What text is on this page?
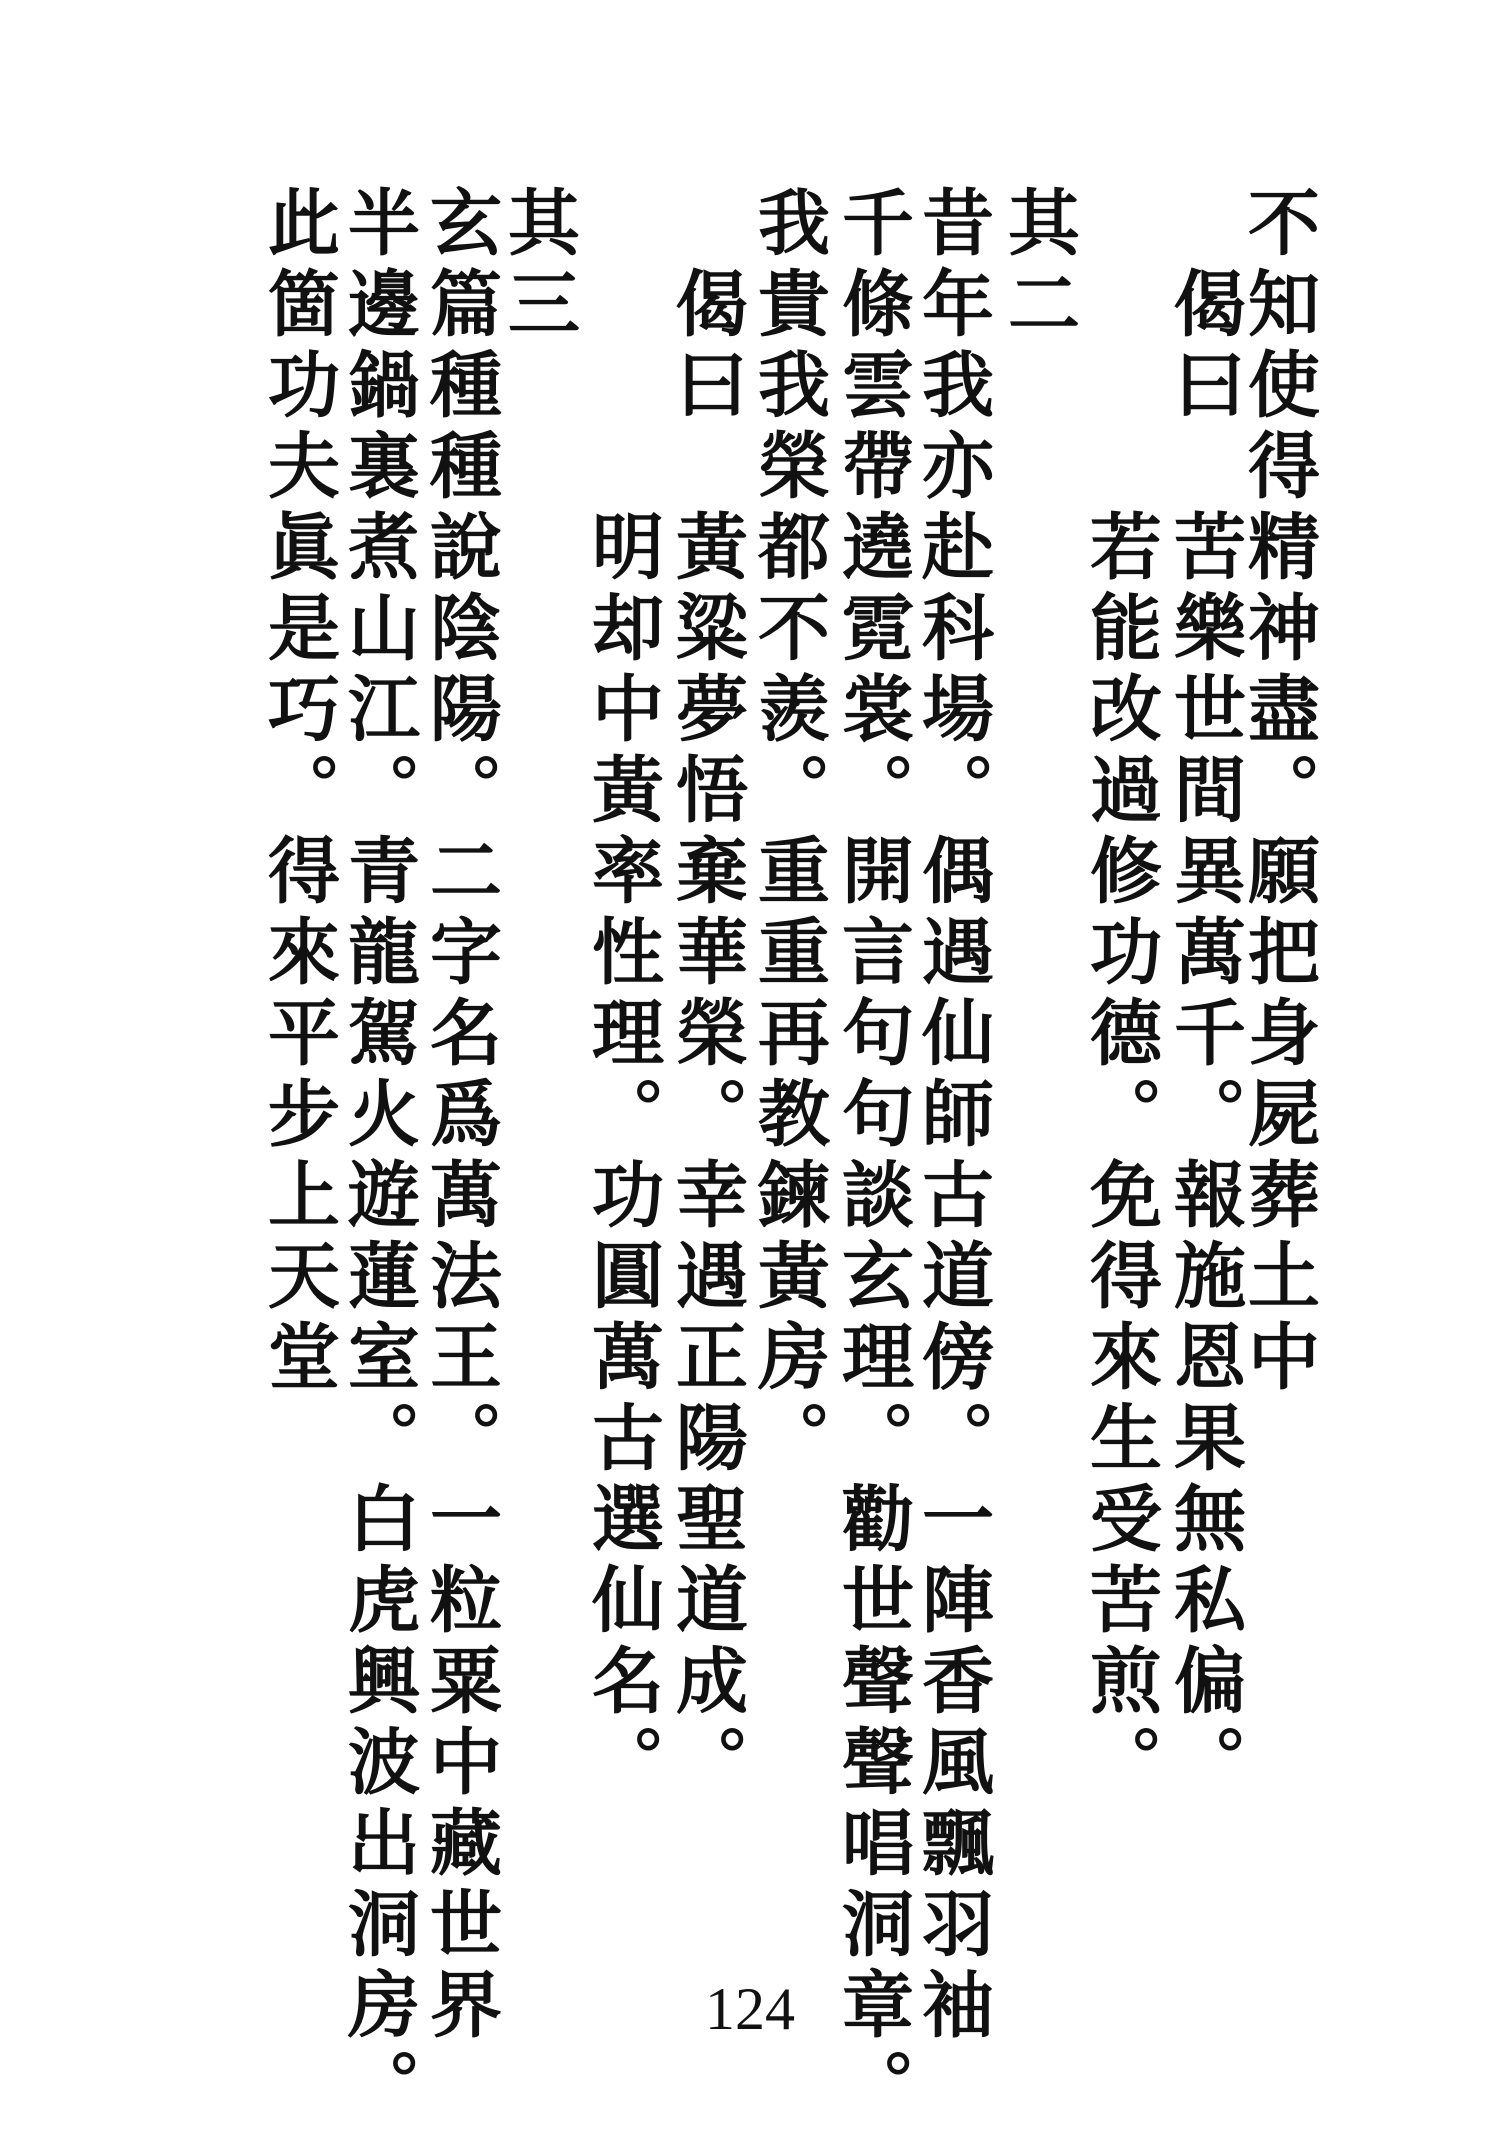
不知使得精神盡。願把身屍葬土中
　偈曰　苦樂世間異萬千。報施恩果無私偏。
　　　　若能改過修功德。免得來生受苦煎。
其二
昔年我亦赴科場。偶遇仙師古道傍。一陣香風飄羽袖
千條雲帶遶霓裳。開言句句談玄理。勸世聲聲唱洞章。
我貴我榮都不羨。重重再教鍊黃房。
　偈曰　黃粱夢悟棄華榮。幸遇正陽聖道成。
　　　　明却中黃率性理。功圓萬古選仙名。
其三
玄篇種種說陰陽。二字名爲萬法王。一粒粟中藏世界
半邊鍋裏煮山江。青龍駕火遊蓮室。白虎興波出洞房。
此箇功夫眞是巧。得來平步上天堂
124
